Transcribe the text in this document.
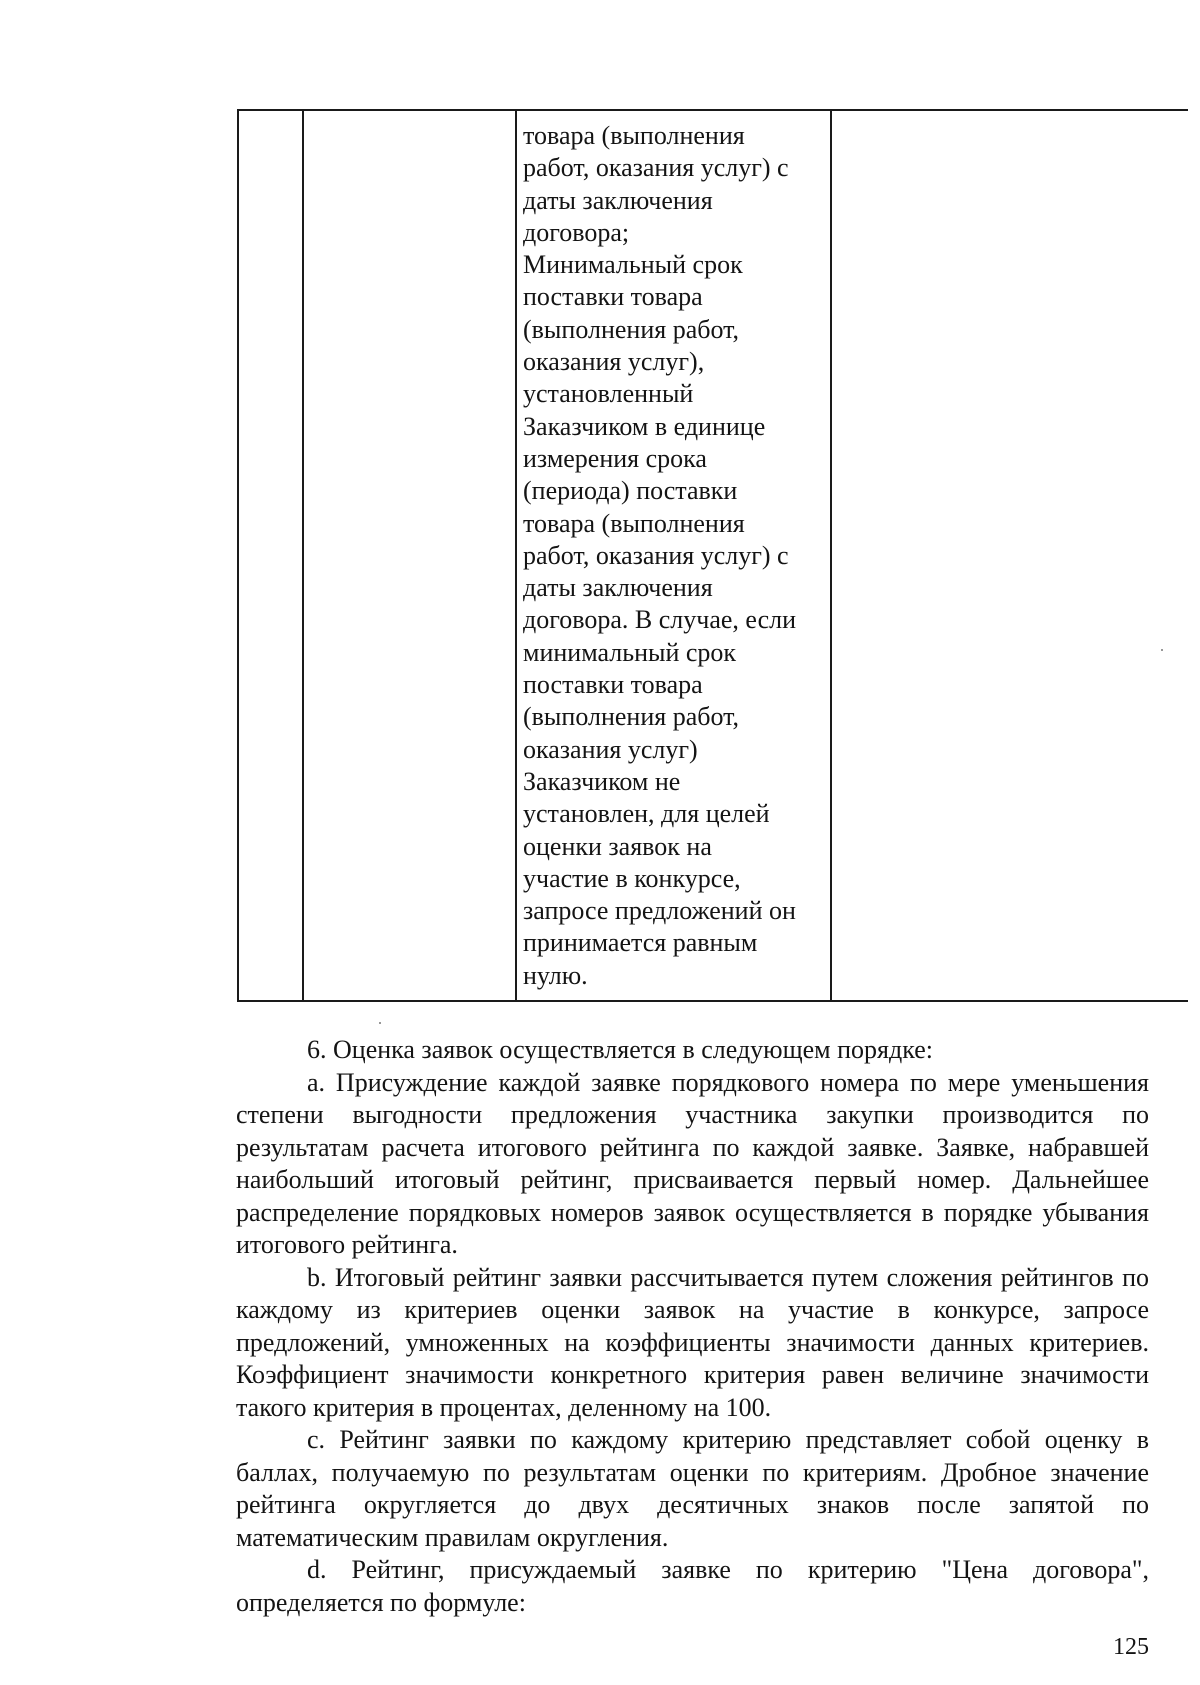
товара (выполнения
работ, оказания услуг) с
даты заключения
договора;
Минимальный срок
поставки товара
(выполнения работ,
оказания услуг),
установленный
Заказчиком в единице
измерения срока
(периода) поставки
товара (выполнения
работ, оказания услуг) с
даты заключения
договора. В случае, если
минимальный срок
поставки товара
(выполнения работ,
оказания услуг)
Заказчиком не
установлен, для целей
оценки заявок на
участие в конкурсе,
запросе предложений он
принимается равным
нулю.

6. Оценка заявок осуществляется в следующем порядке:

a. Присуждение каждой заявке порядкового номера по мере уменьшения степени выгодности предложения участника закупки производится по результатам расчета итогового рейтинга по каждой заявке. Заявке, набравшей наибольший итоговый рейтинг, присваивается первый номер. Дальнейшее распределение порядковых номеров заявок осуществляется в порядке убывания итогового рейтинга.

b. Итоговый рейтинг заявки рассчитывается путем сложения рейтингов по каждому из критериев оценки заявок на участие в конкурсе, запросе предложений, умноженных на коэффициенты значимости данных критериев. Коэффициент значимости конкретного критерия равен величине значимости такого критерия в процентах, деленному на 100.

c. Рейтинг заявки по каждому критерию представляет собой оценку в баллах, получаемую по результатам оценки по критериям. Дробное значение рейтинга округляется до двух десятичных знаков после запятой по математическим правилам округления.

d. Рейтинг, присуждаемый заявке по критерию "Цена договора", определяется по формуле:

125
